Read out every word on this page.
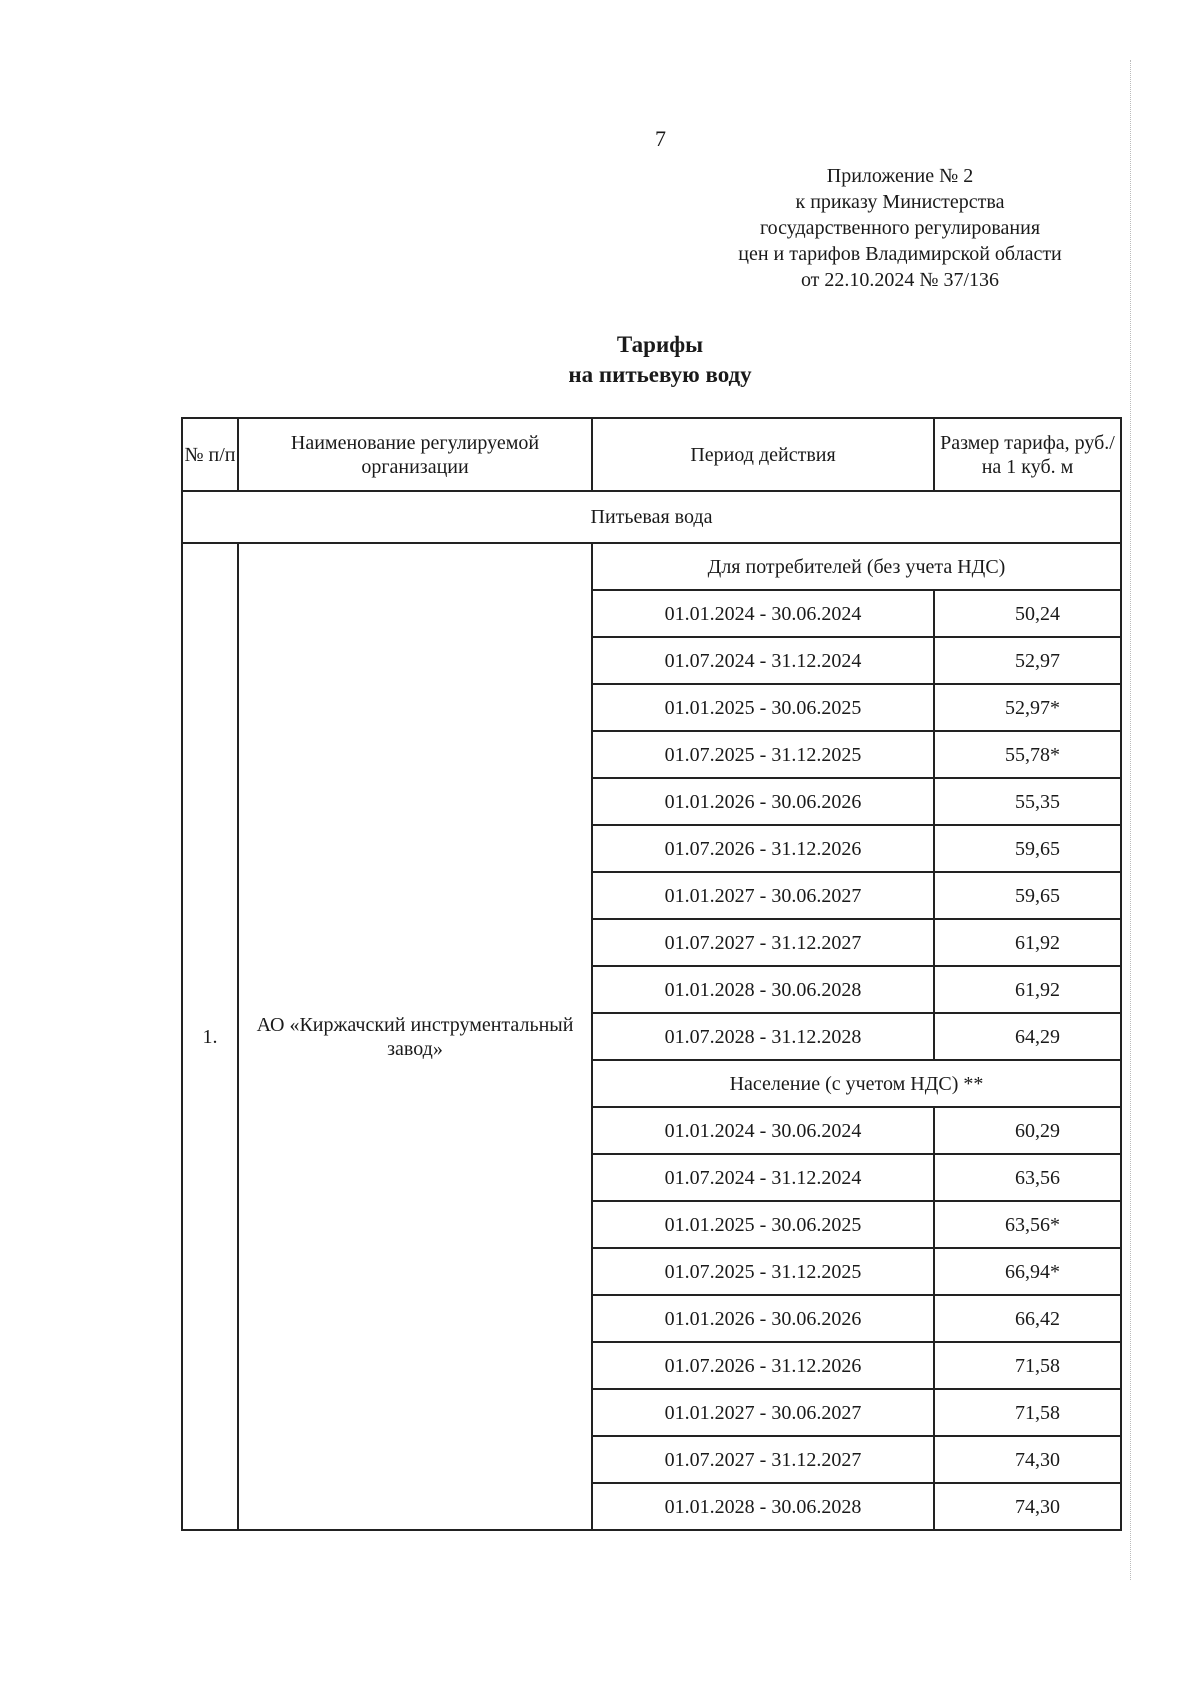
7
Приложение № 2
к приказу Министерства
государственного регулирования
цен и тарифов Владимирской области
от 22.10.2024 № 37/136
Тарифы
на питьевую воду
№ п/п	Наименование регулируемой организации	Период действия	Размер тарифа, руб./на 1 куб. м
Питьевая вода			
1.	АО «Киржачский инструментальный завод»	Для потребителей (без учета НДС)	
		01.01.2024 - 30.06.2024	50,24
		01.07.2024 - 31.12.2024	52,97
		01.01.2025 - 30.06.2025	52,97*
		01.07.2025 - 31.12.2025	55,78*
		01.01.2026 - 30.06.2026	55,35
		01.07.2026 - 31.12.2026	59,65
		01.01.2027 - 30.06.2027	59,65
		01.07.2027 - 31.12.2027	61,92
		01.01.2028 - 30.06.2028	61,92
		01.07.2028 - 31.12.2028	64,29
		Население (с учетом НДС) **	
		01.01.2024 - 30.06.2024	60,29
		01.07.2024 - 31.12.2024	63,56
		01.01.2025 - 30.06.2025	63,56*
		01.07.2025 - 31.12.2025	66,94*
		01.01.2026 - 30.06.2026	66,42
		01.07.2026 - 31.12.2026	71,58
		01.01.2027 - 30.06.2027	71,58
		01.07.2027 - 31.12.2027	74,30
		01.01.2028 - 30.06.2028	74,30
